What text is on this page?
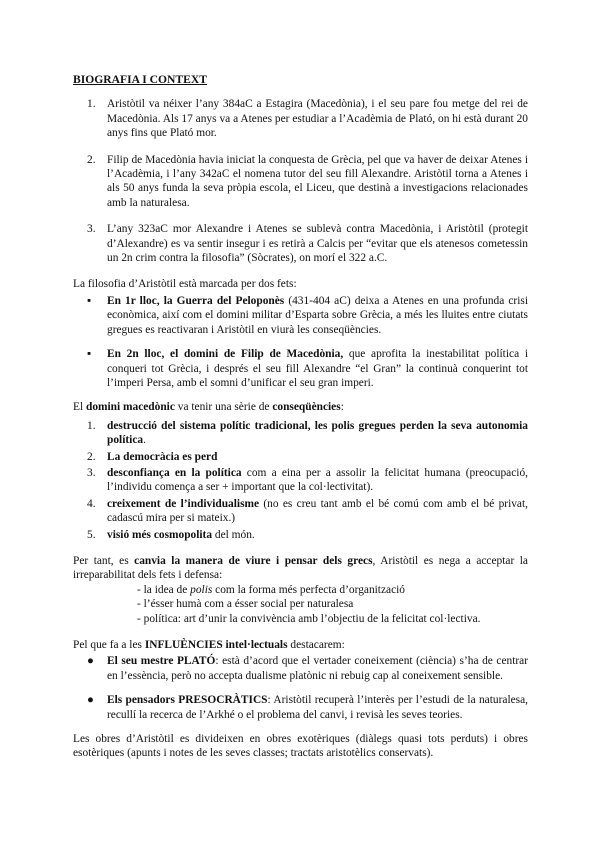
BIOGRAFIA I CONTEXT
1.	Aristòtil va néixer l’any 384aC a Estagira (Macedònia), i el seu pare fou metge del rei de Macedònia. Als 17 anys va a Atenes per estudiar a l’Acadèmia de Plató, on hi està durant 20 anys fins que Plató mor.
2.	Filip de Macedònia havia iniciat la conquesta de Grècia, pel que va haver de deixar Atenes i l’Acadèmia, i l’any 342aC el nomena tutor del seu fill Alexandre. Aristòtil torna a Atenes i als 50 anys funda la seva pròpia escola, el Liceu, que destinà a investigacions relacionades amb la naturalesa.
3.	L’any 323aC mor Alexandre i Atenes se sublevà contra Macedònia, i Aristòtil (protegit d’Alexandre) es va sentir insegur i es retirà a Calcis per “evitar que els atenesos cometessin un 2n crim contra la filosofia” (Sòcrates), on morí el 322 a.C.

La filosofia d’Aristòtil està marcada per dos fets:

▪	En 1r lloc, la Guerra del Peloponès (431-404 aC) deixa a Atenes en una profunda crisi econòmica, així com el domini militar d’Esparta sobre Grècia, a més les lluites entre ciutats gregues es reactivaran i Aristòtil en viurà les conseqüències.
▪	En 2n lloc, el domini de Filip de Macedònia, que aprofita la inestabilitat política i conqueri tot Grècia, i després el seu fill Alexandre “el Gran” la continuà conquerint tot l’imperi Persa, amb el somni d’unificar el seu gran imperi.

El domini macedònic va tenir una sèrie de conseqüències:

1.	destrucció del sistema polític tradicional, les polis gregues perden la seva autonomia política.
2.	La democràcia es perd
3.	desconfiança en la política com a eina per a assolir la felicitat humana (preocupació, l’individu comença a ser + important que la col·lectivitat).
4.	creixement de l’individualisme (no es creu tant amb el bé comú com amb el bé privat, cadascú mira per si mateix.)
5.	visió més cosmopolita del món.

Per tant, es canvia la manera de viure i pensar dels grecs, Aristòtil es nega a acceptar la irreparabilitat dels fets i defensa:

- la idea de polis com la forma més perfecta d’organització
- l’ésser humà com a ésser social per naturalesa
- política: art d’unir la convivència amb l’objectiu de la felicitat col·lectiva.

Pel que fa a les INFLUÈNCIES intel·lectuals destacarem:

●	El seu mestre PLATÓ: està d’acord que el vertader coneixement (ciència) s’ha de centrar en l’essència, però no accepta dualisme platònic ni rebuig cap al coneixement sensible.
●	Els pensadors PRESOCRÀTICS: Aristòtil recuperà l’interès per l’estudi de la naturalesa, recullí la recerca de l’Arkhé o el problema del canvi, i revisà les seves teories.

Les obres d’Aristòtil es divideixen en obres exotèriques (diàlegs quasi tots perduts) i obres esotèriques (apunts i notes de les seves classes; tractats aristotèlics conservats).
